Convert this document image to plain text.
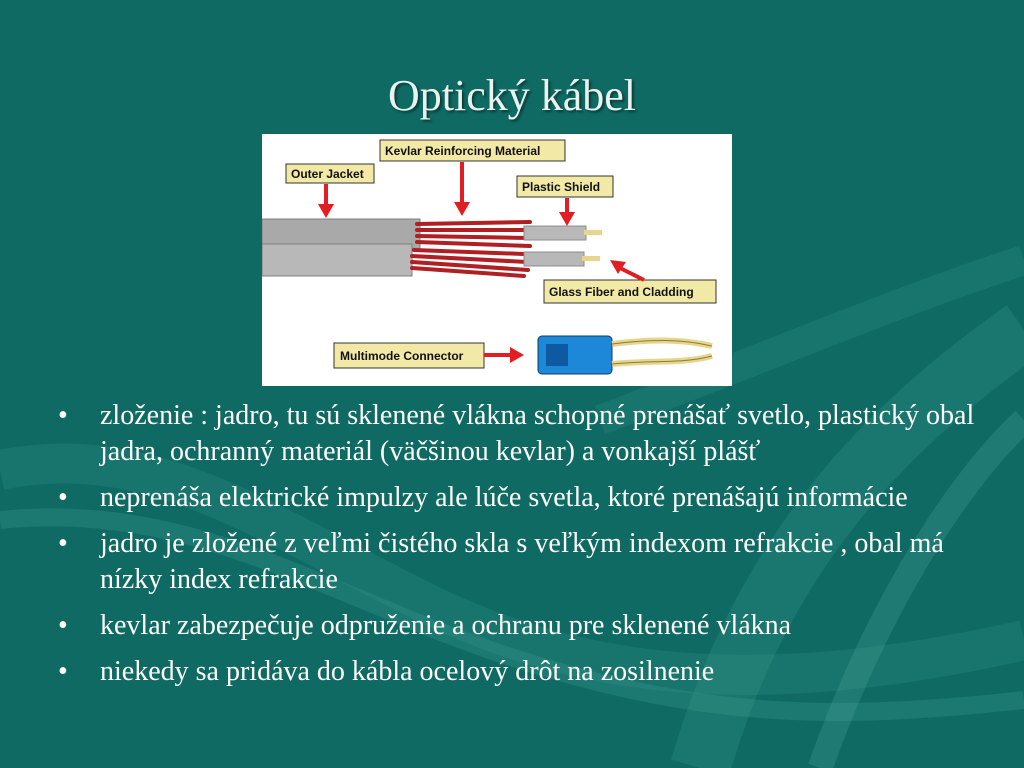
Optický kábel
Outer Jacket
Kevlar Reinforcing Material
Plastic Shield
Glass Fiber and Cladding
Multimode Connector
• zloženie : jadro, tu sú sklenené vlákna schopné prenášať svetlo, plastický obal jadra, ochranný materiál (väčšinou kevlar) a vonkajší plášť
• neprenáša elektrické impulzy ale lúče svetla, ktoré prenášajú informácie
• jadro je zložené z veľmi čistého skla s veľkým indexom refrakcie , obal má nízky index refrakcie
• kevlar zabezpečuje odpruženie a ochranu pre sklenené vlákna
• niekedy sa pridáva do kábla ocelový drôt na zosilnenie
